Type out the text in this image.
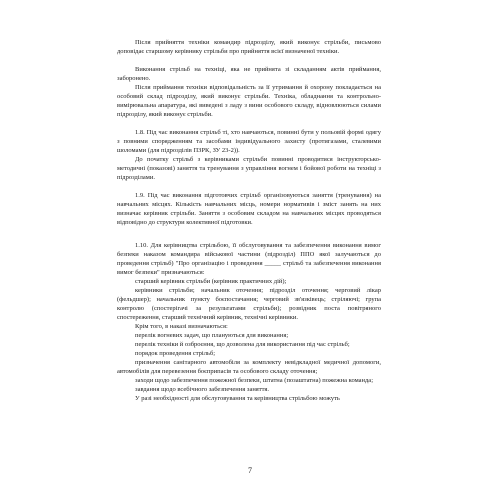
Після прийняття техніки командир підрозділу, який виконує стрільби, письмово доповідає старшому керівнику стрільби про прийняття всієї визначеної техніки.

Виконання стрільб на техніці, яка не прийнята зі складанням актів приймання, заборонено.

Після приймання техніки відповідальність за її утримання й охорону покладається на особовий склад підрозділу, який виконує стрільби. Техніка, обладнання та контрольно-вимірювальна апаратура, які виведені з ладу з вини особового складу, відновлюються силами підрозділу, який виконує стрільби.

1.8. Під час виконання стрільб ті, хто навчаються, повинні бути у польовій формі одягу з повними спорядженням та засобами індивідуального захисту (протигазами, сталевими шоломами (для підрозділів ПЗРК, ЗУ 23-2)).

До початку стрільб з керівниками стрільби повинні проводитися інструкторсько-методичні (показові) заняття та тренування з управління вогнем і бойової роботи на техніці з підрозділами.

1.9. Під час виконання підготовчих стрільб організовуються заняття (тренування) на навчальних місцях. Кількість навчальних місць, номери нормативів і зміст занять на них визначає керівник стрільби. Заняття з особовим складом на навчальних місцях проводяться відповідно до структури колективної підготовки.

1.10. Для керівництва стрільбою, її обслуговування та забезпечення виконання вимог безпеки наказом командира військової частини (підрозділ) ППО якої залучаються до проведення стрільб) "Про організацію і проведення _____ стрільб та забезпечення виконання вимог безпеки" призначаються:

старший керівник стрільби (керівник практичних дій);

керівники стрільби; начальник оточення; підрозділ оточення; черговий лікар (фельдшер); начальник пункту боєпостачання; черговий зв'язківець; стріляючі; група контролю (спостерігачі за результатами стрільби); розвідник поста повітряного спостереження, старший технічний керівник, технічні керівники.

Крім того, в наказі визначаються:

перелік вогневих задач, що плануються для виконання;

перелік техніки й озброєння, що дозволена для використання під час стрільб;

порядок проведення стрільб;

призначення санітарного автомобіля за комплекту невідкладної медичної допомоги, автомобілів для перевезення боєприпасів та особового складу оточення;

заходи щодо забезпечення пожежної безпеки, штатна (позаштатна) пожежна команда;

завдання щодо всебічного забезпечення заняття.

У разі необхідності для обслуговування та керівництва стрільбою можуть

7
